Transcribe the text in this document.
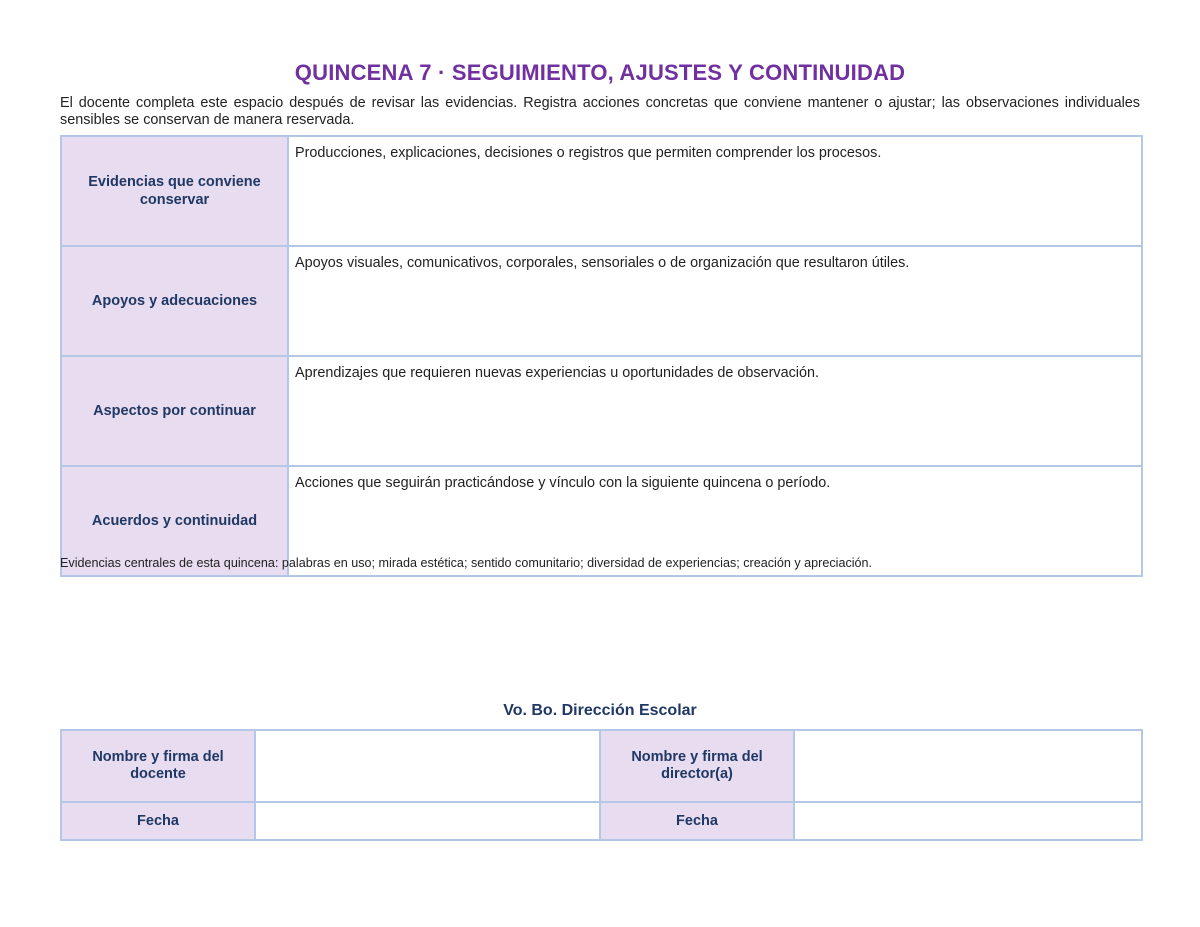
QUINCENA 7 · SEGUIMIENTO, AJUSTES Y CONTINUIDAD
El docente completa este espacio después de revisar las evidencias. Registra acciones concretas que conviene mantener o ajustar; las observaciones individuales sensibles se conservan de manera reservada.
Evidencias que conviene conservar	Producciones, explicaciones, decisiones o registros que permiten comprender los procesos.
Apoyos y adecuaciones	Apoyos visuales, comunicativos, corporales, sensoriales o de organización que resultaron útiles.
Aspectos por continuar	Aprendizajes que requieren nuevas experiencias u oportunidades de observación.
Acuerdos y continuidad	Acciones que seguirán practicándose y vínculo con la siguiente quincena o período.
Evidencias centrales de esta quincena: palabras en uso; mirada estética; sentido comunitario; diversidad de experiencias; creación y apreciación.
Vo. Bo. Dirección Escolar
Nombre y firma del docente		Nombre y firma del director(a)	
Fecha		Fecha	
